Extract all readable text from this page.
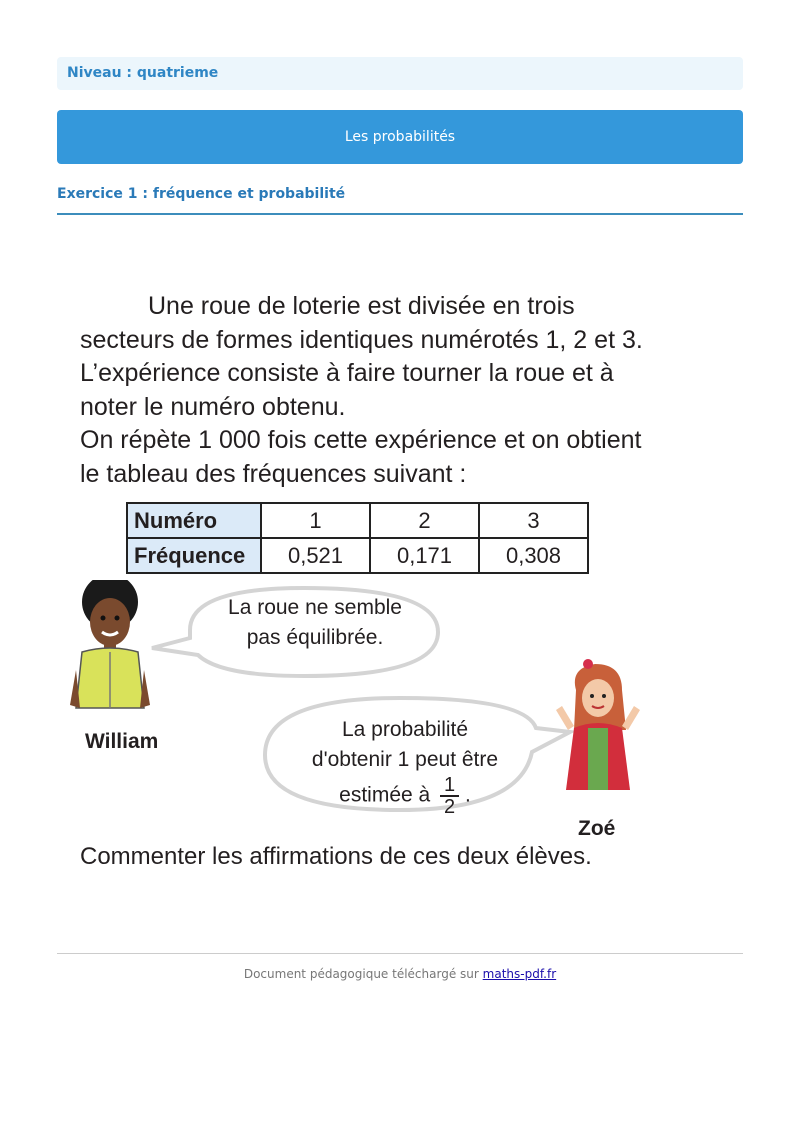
Niveau : quatrieme
Les probabilités
Exercice 1 : fréquence et probabilité

Une roue de loterie est divisée en trois
secteurs de formes identiques numérotés 1, 2 et 3.
L’expérience consiste à faire tourner la roue et à
noter le numéro obtenu.
On répète 1 000 fois cette expérience et on obtient
le tableau des fréquences suivant :

Numéro	1	2	3
Fréquence	0,521	0,171	0,308
La roue ne semble
pas équilibrée.
William
La probabilité
d'obtenir 1 peut être
estimée à $\frac{1}{2}$ .
Zoé
Commenter les affirmations de ces deux élèves.
Document pédagogique téléchargé sur maths-pdf.fr
